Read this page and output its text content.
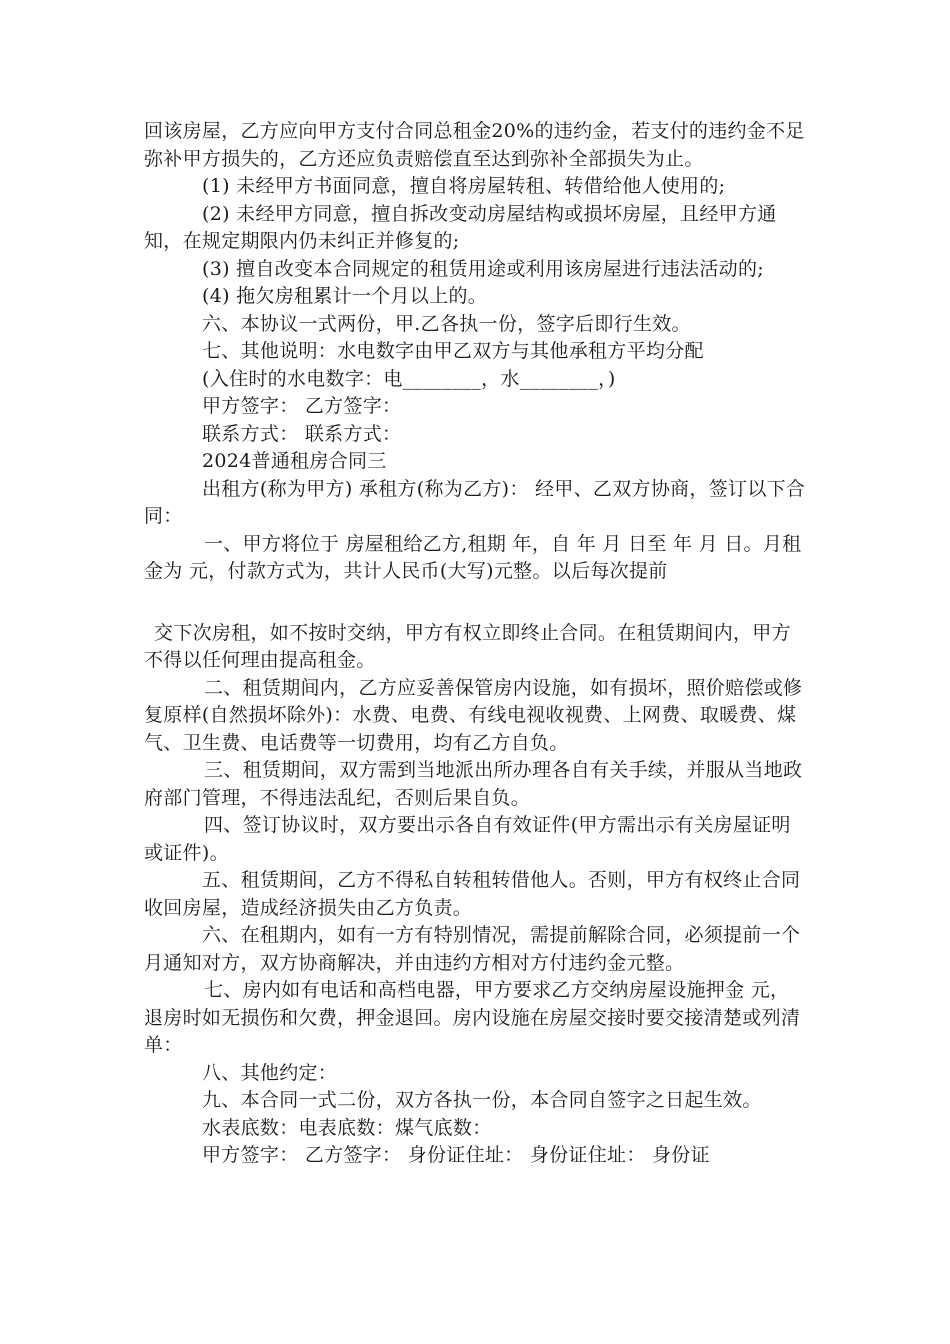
回该房屋，乙方应向甲方支付合同总租金20%的违约金，若支付的违约金不足弥补甲方损失的，乙方还应负责赔偿直至达到弥补全部损失为止。

(1) 未经甲方书面同意，擅自将房屋转租、转借给他人使用的;

(2) 未经甲方同意，擅自拆改变动房屋结构或损坏房屋，且经甲方通知，在规定期限内仍未纠正并修复的;

(3) 擅自改变本合同规定的租赁用途或利用该房屋进行违法活动的;

(4) 拖欠房租累计一个月以上的。

六、本协议一式两份，甲.乙各执一份，签字后即行生效。

七、其他说明：水电数字由甲乙双方与其他承租方平均分配

(入住时的水电数字：电________，水________，)

甲方签字： 乙方签字：

联系方式： 联系方式：

2024普通租房合同三

出租方(称为甲方) 承租方(称为乙方)： 经甲、乙双方协商，签订以下合同：

一、甲方将位于 房屋租给乙方,租期 年，自 年 月 日至 年 月 日。月租金为 元，付款方式为，共计人民币(大写)元整。以后每次提前

交下次房租，如不按时交纳，甲方有权立即终止合同。在租赁期间内，甲方不得以任何理由提高租金。

二、租赁期间内，乙方应妥善保管房内设施，如有损坏，照价赔偿或修复原样(自然损坏除外)：水费、电费、有线电视收视费、上网费、取暖费、煤气、卫生费、电话费等一切费用，均有乙方自负。

三、租赁期间，双方需到当地派出所办理各自有关手续，并服从当地政府部门管理，不得违法乱纪，否则后果自负。

四、签订协议时，双方要出示各自有效证件(甲方需出示有关房屋证明或证件)。

五、租赁期间，乙方不得私自转租转借他人。否则，甲方有权终止合同收回房屋，造成经济损失由乙方负责。

六、在租期内，如有一方有特别情况，需提前解除合同，必须提前一个月通知对方，双方协商解决，并由违约方相对方付违约金元整。

七、房内如有电话和高档电器，甲方要求乙方交纳房屋设施押金 元，退房时如无损伤和欠费，押金退回。房内设施在房屋交接时要交接清楚或列清单：

八、其他约定：

九、本合同一式二份，双方各执一份，本合同自签字之日起生效。

水表底数：电表底数：煤气底数：

甲方签字： 乙方签字： 身份证住址： 身份证住址： 身份证
